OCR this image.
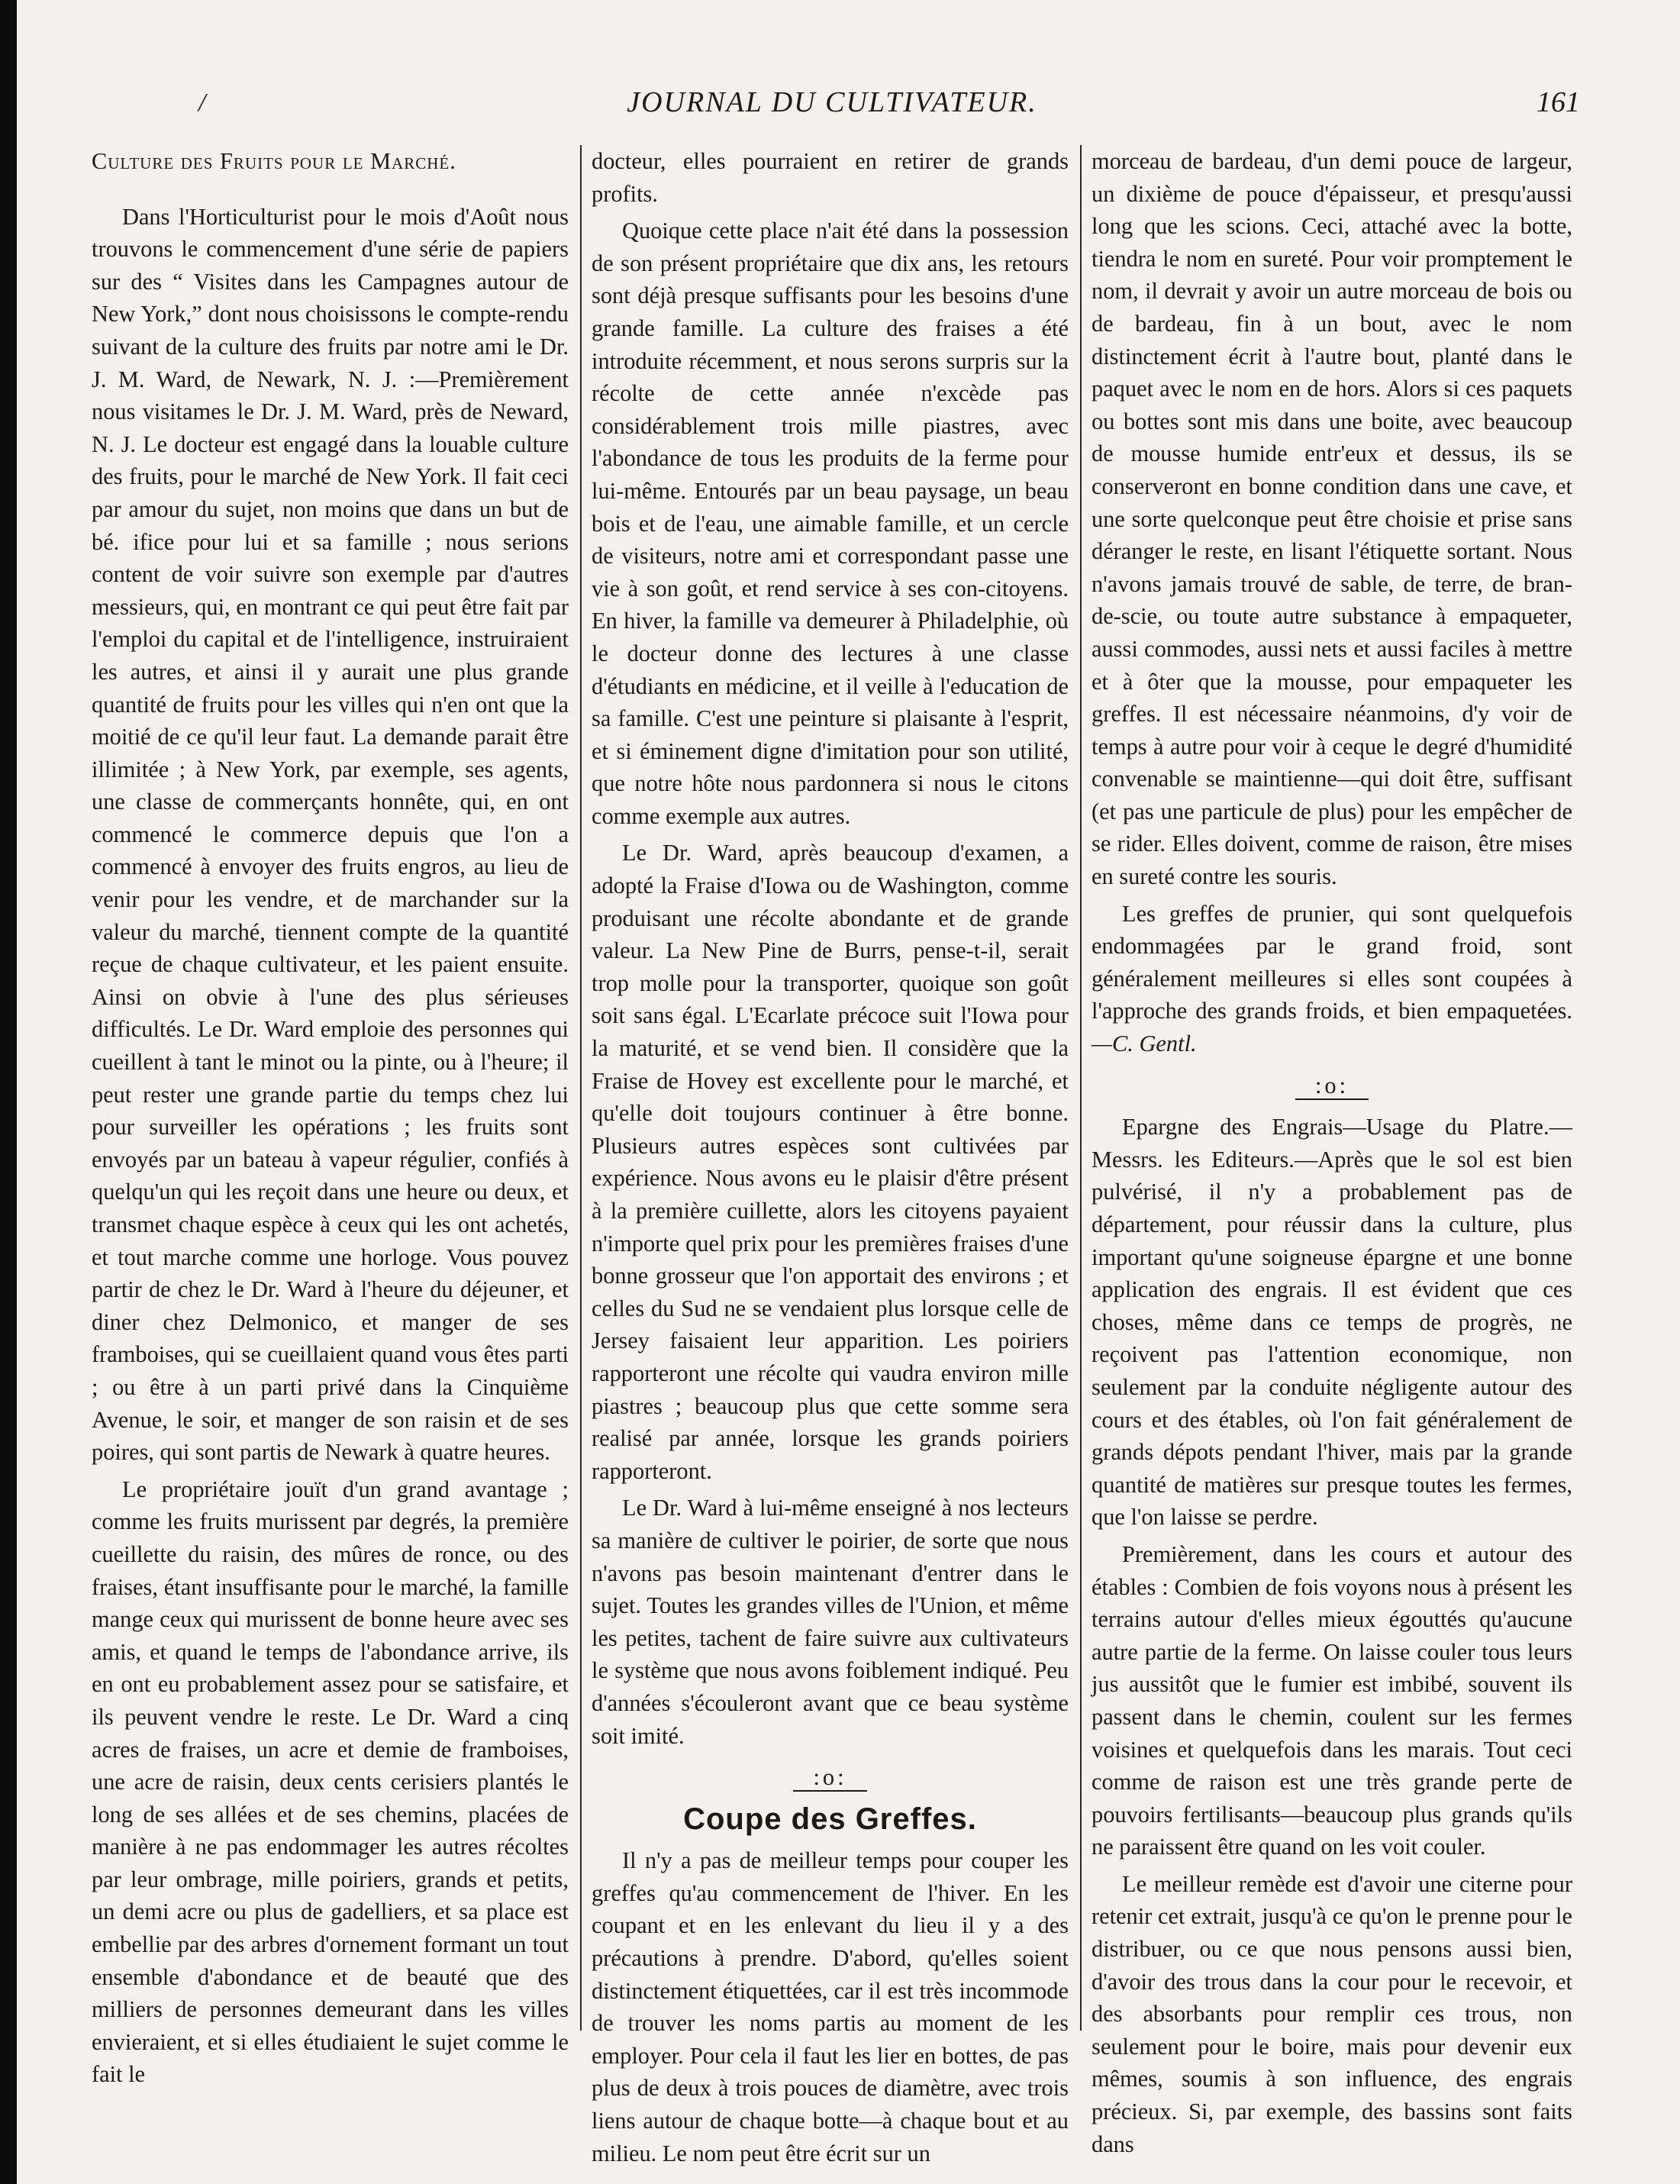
/	JOURNAL DU CULTIVATEUR.	161

Culture des Fruits pour le Marché.

Dans l'Horticulturist pour le mois d'Août nous trouvons le commencement d'une série de papiers sur des “ Visites dans les Campagnes autour de New York,” dont nous choisissons le compte-rendu suivant de la culture des fruits par notre ami le Dr. J. M. Ward, de Newark, N. J. :—Premièrement nous visitames le Dr. J. M. Ward, près de Neward, N. J. Le docteur est engagé dans la louable culture des fruits, pour le marché de New York. Il fait ceci par amour du sujet, non moins que dans un but de bé. ifice pour lui et sa famille ; nous serions content de voir suivre son exemple par d'autres messieurs, qui, en montrant ce qui peut être fait par l'emploi du capital et de l'intelligence, instruiraient les autres, et ainsi il y aurait une plus grande quantité de fruits pour les villes qui n'en ont que la moitié de ce qu'il leur faut. La demande parait être illimitée ; à New York, par exemple, ses agents, une classe de commerçants honnête, qui, en ont commencé le commerce depuis que l'on a commencé à envoyer des fruits engros, au lieu de venir pour les vendre, et de marchander sur la valeur du marché, tiennent compte de la quantité reçue de chaque cultivateur, et les paient ensuite. Ainsi on obvie à l'une des plus sérieuses difficultés. Le Dr. Ward emploie des personnes qui cueillent à tant le minot ou la pinte, ou à l'heure; il peut rester une grande partie du temps chez lui pour surveiller les opérations ; les fruits sont envoyés par un bateau à vapeur régulier, confiés à quelqu'un qui les reçoit dans une heure ou deux, et transmet chaque espèce à ceux qui les ont achetés, et tout marche comme une horloge. Vous pouvez partir de chez le Dr. Ward à l'heure du déjeuner, et diner chez Delmonico, et manger de ses framboises, qui se cueillaient quand vous êtes parti ; ou être à un parti privé dans la Cinquième Avenue, le soir, et manger de son raisin et de ses poires, qui sont partis de Newark à quatre heures.

Le propriétaire jouït d'un grand avantage ; comme les fruits murissent par degrés, la première cueillette du raisin, des mûres de ronce, ou des fraises, étant insuffisante pour le marché, la famille mange ceux qui murissent de bonne heure avec ses amis, et quand le temps de l'abondance arrive, ils en ont eu probablement assez pour se satisfaire, et ils peuvent vendre le reste. Le Dr. Ward a cinq acres de fraises, un acre et demie de framboises, une acre de raisin, deux cents cerisiers plantés le long de ses allées et de ses chemins, placées de manière à ne pas endommager les autres récoltes par leur ombrage, mille poiriers, grands et petits, un demi acre ou plus de gadelliers, et sa place est embellie par des arbres d'ornement formant un tout ensemble d'abondance et de beauté que des milliers de personnes demeurant dans les villes envieraient, et si elles étudiaient le sujet comme le fait le

docteur, elles pourraient en retirer de grands profits.

Quoique cette place n'ait été dans la possession de son présent propriétaire que dix ans, les retours sont déjà presque suffisants pour les besoins d'une grande famille. La culture des fraises a été introduite récemment, et nous serons surpris sur la récolte de cette année n'excède pas considérablement trois mille piastres, avec l'abondance de tous les produits de la ferme pour lui-même. Entourés par un beau paysage, un beau bois et de l'eau, une aimable famille, et un cercle de visiteurs, notre ami et correspondant passe une vie à son goût, et rend service à ses con-citoyens. En hiver, la famille va demeurer à Philadelphie, où le docteur donne des lectures à une classe d'étudiants en médicine, et il veille à l'education de sa famille. C'est une peinture si plaisante à l'esprit, et si éminement digne d'imitation pour son utilité, que notre hôte nous pardonnera si nous le citons comme exemple aux autres.

Le Dr. Ward, après beaucoup d'examen, a adopté la Fraise d'Iowa ou de Washington, comme produisant une récolte abondante et de grande valeur. La New Pine de Burrs, pense-t-il, serait trop molle pour la transporter, quoique son goût soit sans égal. L'Ecarlate précoce suit l'Iowa pour la maturité, et se vend bien. Il considère que la Fraise de Hovey est excellente pour le marché, et qu'elle doit toujours continuer à être bonne. Plusieurs autres espèces sont cultivées par expérience. Nous avons eu le plaisir d'être présent à la première cuillette, alors les citoyens payaient n'importe quel prix pour les premières fraises d'une bonne grosseur que l'on apportait des environs ; et celles du Sud ne se vendaient plus lorsque celle de Jersey faisaient leur apparition. Les poiriers rapporteront une récolte qui vaudra environ mille piastres ; beaucoup plus que cette somme sera realisé par année, lorsque les grands poiriers rapporteront.

Le Dr. Ward à lui-même enseigné à nos lecteurs sa manière de cultiver le poirier, de sorte que nous n'avons pas besoin maintenant d'entrer dans le sujet. Toutes les grandes villes de l'Union, et même les petites, tachent de faire suivre aux cultivateurs le système que nous avons foiblement indiqué. Peu d'années s'écouleront avant que ce beau système soit imité.

:o:
Coupe des Greffes.

Il n'y a pas de meilleur temps pour couper les greffes qu'au commencement de l'hiver. En les coupant et en les enlevant du lieu il y a des précautions à prendre. D'abord, qu'elles soient distinctement étiquettées, car il est très incommode de trouver les noms partis au moment de les employer. Pour cela il faut les lier en bottes, de pas plus de deux à trois pouces de diamètre, avec trois liens autour de chaque botte—à chaque bout et au milieu. Le nom peut être écrit sur un

morceau de bardeau, d'un demi pouce de largeur, un dixième de pouce d'épaisseur, et presqu'aussi long que les scions. Ceci, attaché avec la botte, tiendra le nom en sureté. Pour voir promptement le nom, il devrait y avoir un autre morceau de bois ou de bardeau, fin à un bout, avec le nom distinctement écrit à l'autre bout, planté dans le paquet avec le nom en de hors. Alors si ces paquets ou bottes sont mis dans une boite, avec beaucoup de mousse humide entr'eux et dessus, ils se conserveront en bonne condition dans une cave, et une sorte quelconque peut être choisie et prise sans déranger le reste, en lisant l'étiquette sortant. Nous n'avons jamais trouvé de sable, de terre, de bran-de-scie, ou toute autre substance à empaqueter, aussi commodes, aussi nets et aussi faciles à mettre et à ôter que la mousse, pour empaqueter les greffes. Il est nécessaire néanmoins, d'y voir de temps à autre pour voir à ceque le degré d'humidité convenable se maintienne—qui doit être, suffisant (et pas une particule de plus) pour les empêcher de se rider. Elles doivent, comme de raison, être mises en sureté contre les souris.

Les greffes de prunier, qui sont quelquefois endommagées par le grand froid, sont généralement meilleures si elles sont coupées à l'approche des grands froids, et bien empaquetées.—C. Gentl.

:o:

Epargne des Engrais—Usage du Platre.—Messrs. les Editeurs.—Après que le sol est bien pulvérisé, il n'y a probablement pas de département, pour réussir dans la culture, plus important qu'une soigneuse épargne et une bonne application des engrais. Il est évident que ces choses, même dans ce temps de progrès, ne reçoivent pas l'attention economique, non seulement par la conduite négligente autour des cours et des étables, où l'on fait généralement de grands dépots pendant l'hiver, mais par la grande quantité de matières sur presque toutes les fermes, que l'on laisse se perdre.

Premièrement, dans les cours et autour des étables : Combien de fois voyons nous à présent les terrains autour d'elles mieux égouttés qu'aucune autre partie de la ferme. On laisse couler tous leurs jus aussitôt que le fumier est imbibé, souvent ils passent dans le chemin, coulent sur les fermes voisines et quelquefois dans les marais. Tout ceci comme de raison est une très grande perte de pouvoirs fertilisants—beaucoup plus grands qu'ils ne paraissent être quand on les voit couler.

Le meilleur remède est d'avoir une citerne pour retenir cet extrait, jusqu'à ce qu'on le prenne pour le distribuer, ou ce que nous pensons aussi bien, d'avoir des trous dans la cour pour le recevoir, et des absorbants pour remplir ces trous, non seulement pour le boire, mais pour devenir eux mêmes, soumis à son influence, des engrais précieux. Si, par exemple, des bassins sont faits dans
